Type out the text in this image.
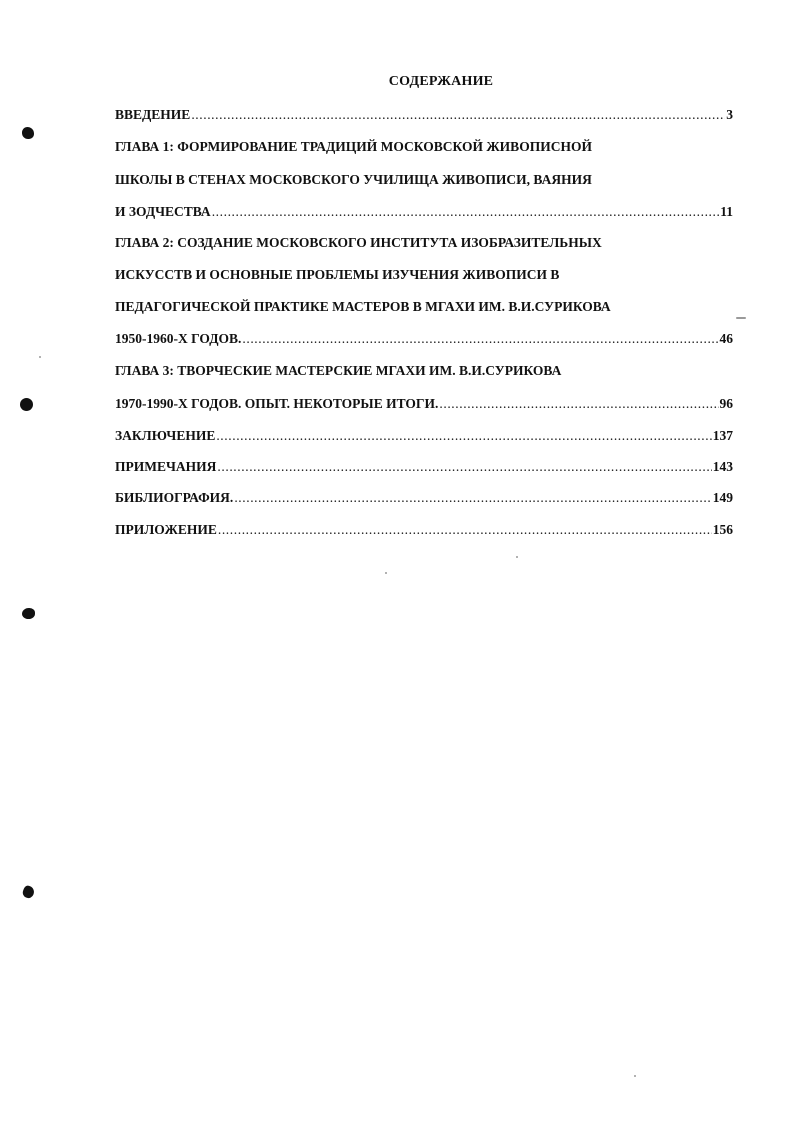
СОДЕРЖАНИЕ
ВВЕДЕНИЕ .....	3
ГЛАВА 1: ФОРМИРОВАНИЕ ТРАДИЦИЙ МОСКОВСКОЙ ЖИВОПИСНОЙ
ШКОЛЫ В СТЕНАХ МОСКОВСКОГО УЧИЛИЩА ЖИВОПИСИ, ВАЯНИЯ
И ЗОДЧЕСТВА .....	11
ГЛАВА 2: СОЗДАНИЕ МОСКОВСКОГО ИНСТИТУТА ИЗОБРАЗИТЕЛЬНЫХ
ИСКУССТВ И ОСНОВНЫЕ ПРОБЛЕМЫ ИЗУЧЕНИЯ ЖИВОПИСИ В
ПЕДАГОГИЧЕСКОЙ ПРАКТИКЕ МАСТЕРОВ В МГАХИ ИМ. В.И.СУРИКОВА
1950-1960-Х ГОДОВ. .....	46
ГЛАВА 3: ТВОРЧЕСКИЕ МАСТЕРСКИЕ МГАХИ ИМ. В.И.СУРИКОВА
1970-1990-Х ГОДОВ. ОПЫТ. НЕКОТОРЫЕ ИТОГИ. .....	96
ЗАКЛЮЧЕНИЕ .....	137
ПРИМЕЧАНИЯ .....	143
БИБЛИОГРАФИЯ. .....	149
ПРИЛОЖЕНИЕ .....	156
